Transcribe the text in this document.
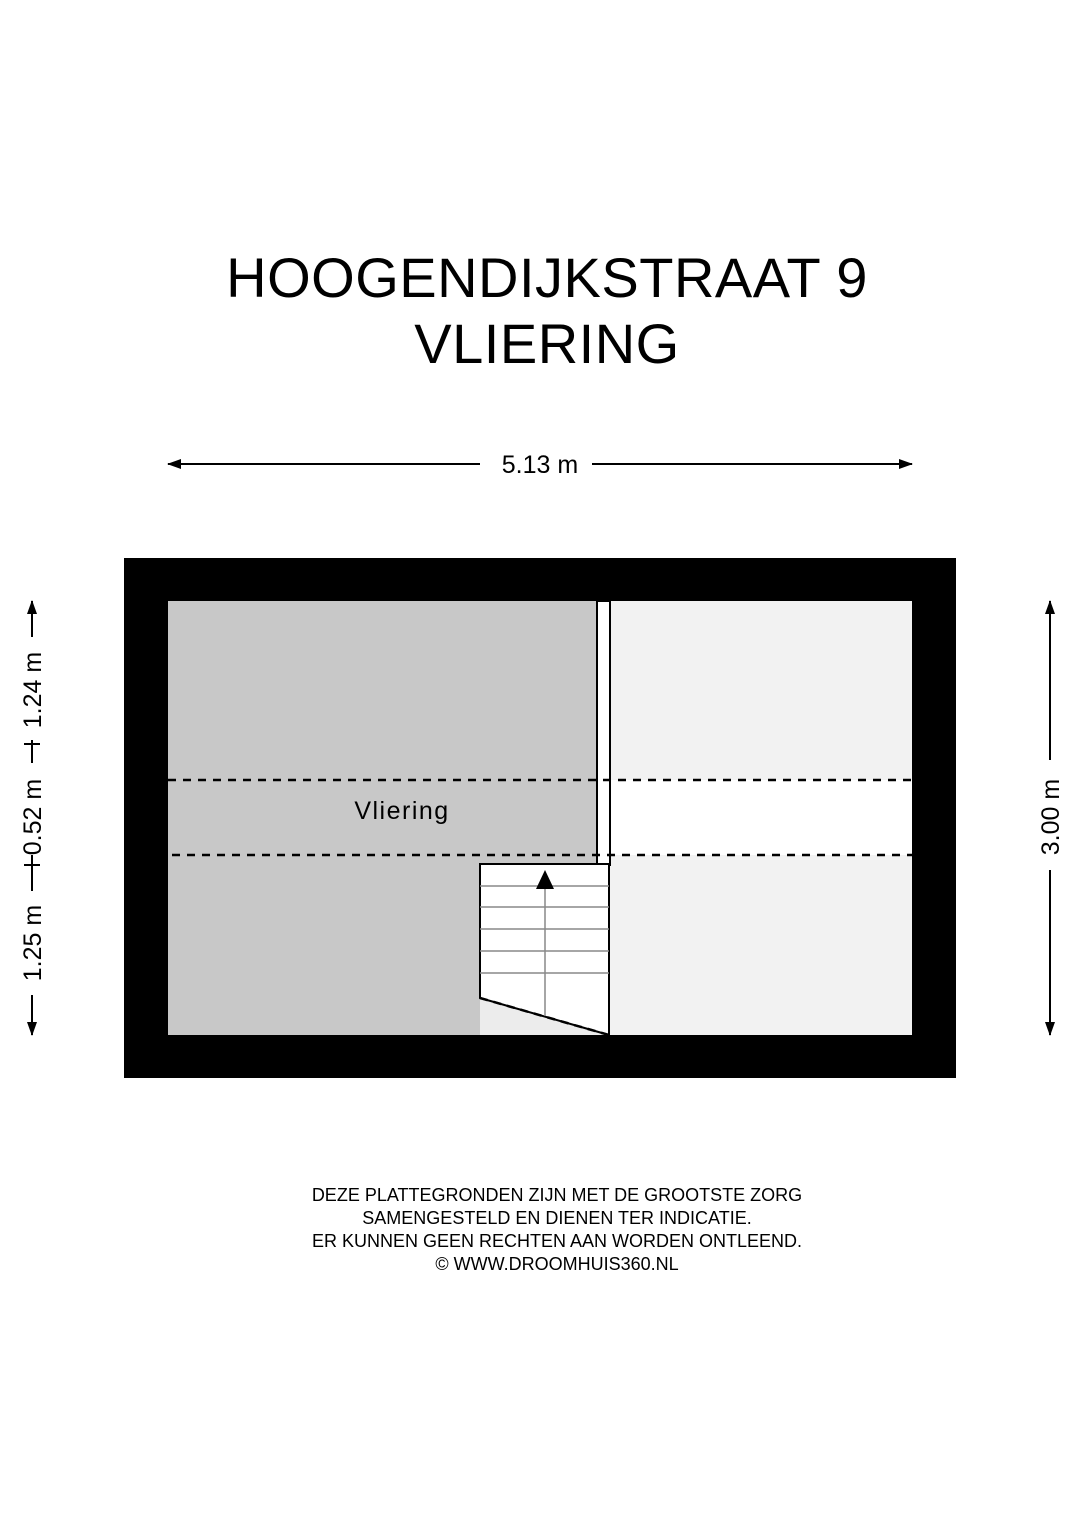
HOOGENDIJKSTRAAT 9
VLIERING
5.13 m
Vliering
1.24 m
0.52 m
1.25 m
3.00 m
DEZE PLATTEGRONDEN ZIJN MET DE GROOTSTE ZORG
SAMENGESTELD EN DIENEN TER INDICATIE.
ER KUNNEN GEEN RECHTEN AAN WORDEN ONTLEEND.
© WWW.DROOMHUIS360.NL
